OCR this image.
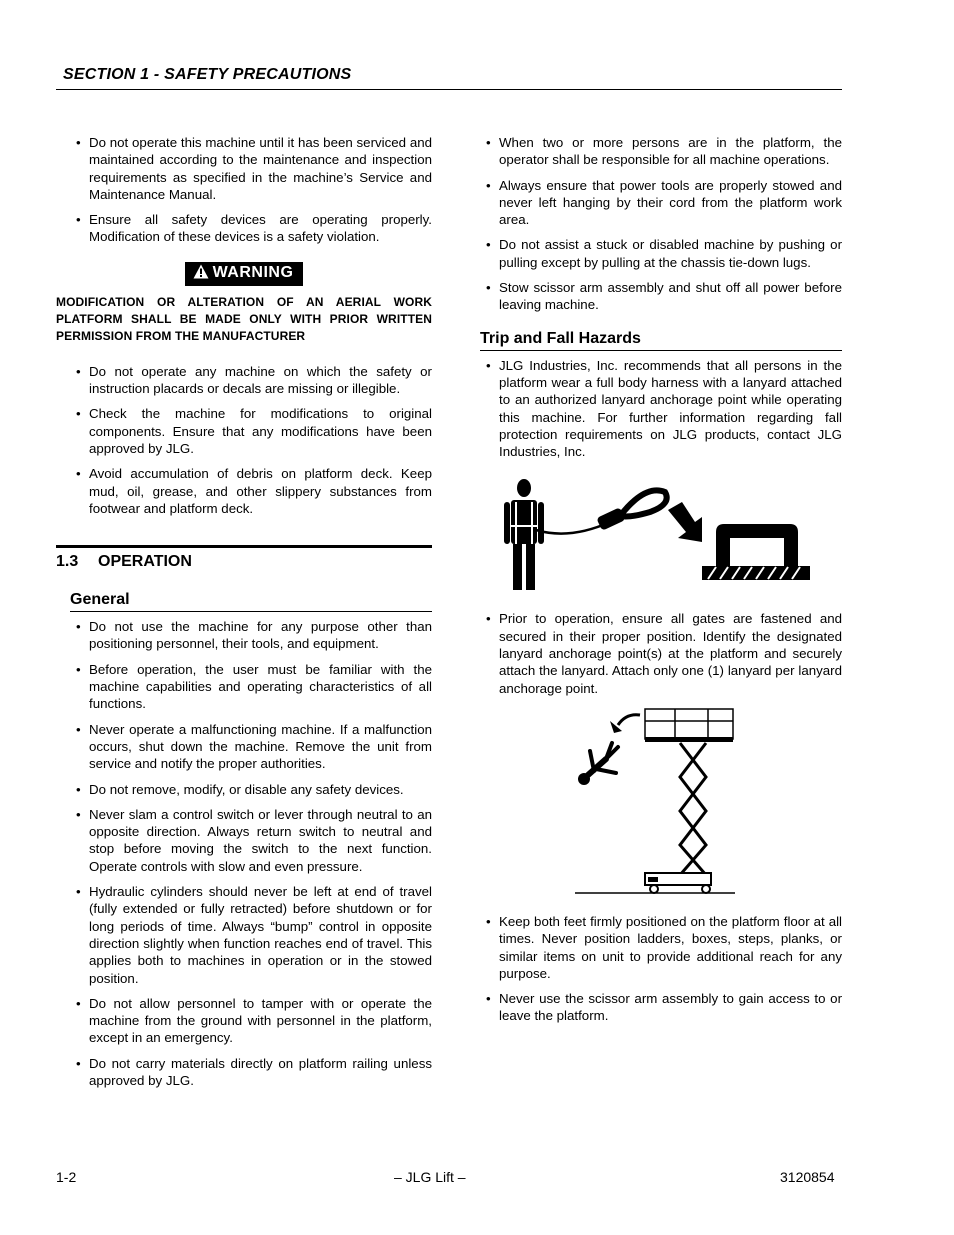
SECTION 1 - SAFETY PRECAUTIONS
• Do not operate this machine until it has been serviced and maintained according to the maintenance and inspection requirements as specified in the machine’s Service and Maintenance Manual.
• Ensure all safety devices are operating properly. Modification of these devices is a safety violation.
WARNING
MODIFICATION OR ALTERATION OF AN AERIAL WORK PLATFORM SHALL BE MADE ONLY WITH PRIOR WRITTEN PERMISSION FROM THE MANUFACTURER
• Do not operate any machine on which the safety or instruction placards or decals are missing or illegible.
• Check the machine for modifications to original components. Ensure that any modifications have been approved by JLG.
• Avoid accumulation of debris on platform deck. Keep mud, oil, grease, and other slippery substances from footwear and platform deck.
1.3 OPERATION
General
• Do not use the machine for any purpose other than positioning personnel, their tools, and equipment.
• Before operation, the user must be familiar with the machine capabilities and operating characteristics of all functions.
• Never operate a malfunctioning machine. If a malfunction occurs, shut down the machine. Remove the unit from service and notify the proper authorities.
• Do not remove, modify, or disable any safety devices.
• Never slam a control switch or lever through neutral to an opposite direction. Always return switch to neutral and stop before moving the switch to the next function. Operate controls with slow and even pressure.
• Hydraulic cylinders should never be left at end of travel (fully extended or fully retracted) before shutdown or for long periods of time. Always “bump” control in opposite direction slightly when function reaches end of travel. This applies both to machines in operation or in the stowed position.
• Do not allow personnel to tamper with or operate the machine from the ground with personnel in the platform, except in an emergency.
• Do not carry materials directly on platform railing unless approved by JLG.
• When two or more persons are in the platform, the operator shall be responsible for all machine operations.
• Always ensure that power tools are properly stowed and never left hanging by their cord from the platform work area.
• Do not assist a stuck or disabled machine by pushing or pulling except by pulling at the chassis tie-down lugs.
• Stow scissor arm assembly and shut off all power before leaving machine.
Trip and Fall Hazards
• JLG Industries, Inc. recommends that all persons in the platform wear a full body harness with a lanyard attached to an authorized lanyard anchorage point while operating this machine. For further information regarding fall protection requirements on JLG products, contact JLG Industries, Inc.
• Prior to operation, ensure all gates are fastened and secured in their proper position. Identify the designated lanyard anchorage point(s) at the platform and securely attach the lanyard. Attach only one (1) lanyard per lanyard anchorage point.
• Keep both feet firmly positioned on the platform floor at all times. Never position ladders, boxes, steps, planks, or similar items on unit to provide additional reach for any purpose.
• Never use the scissor arm assembly to gain access to or leave the platform.
1-2	– JLG Lift –	3120854
